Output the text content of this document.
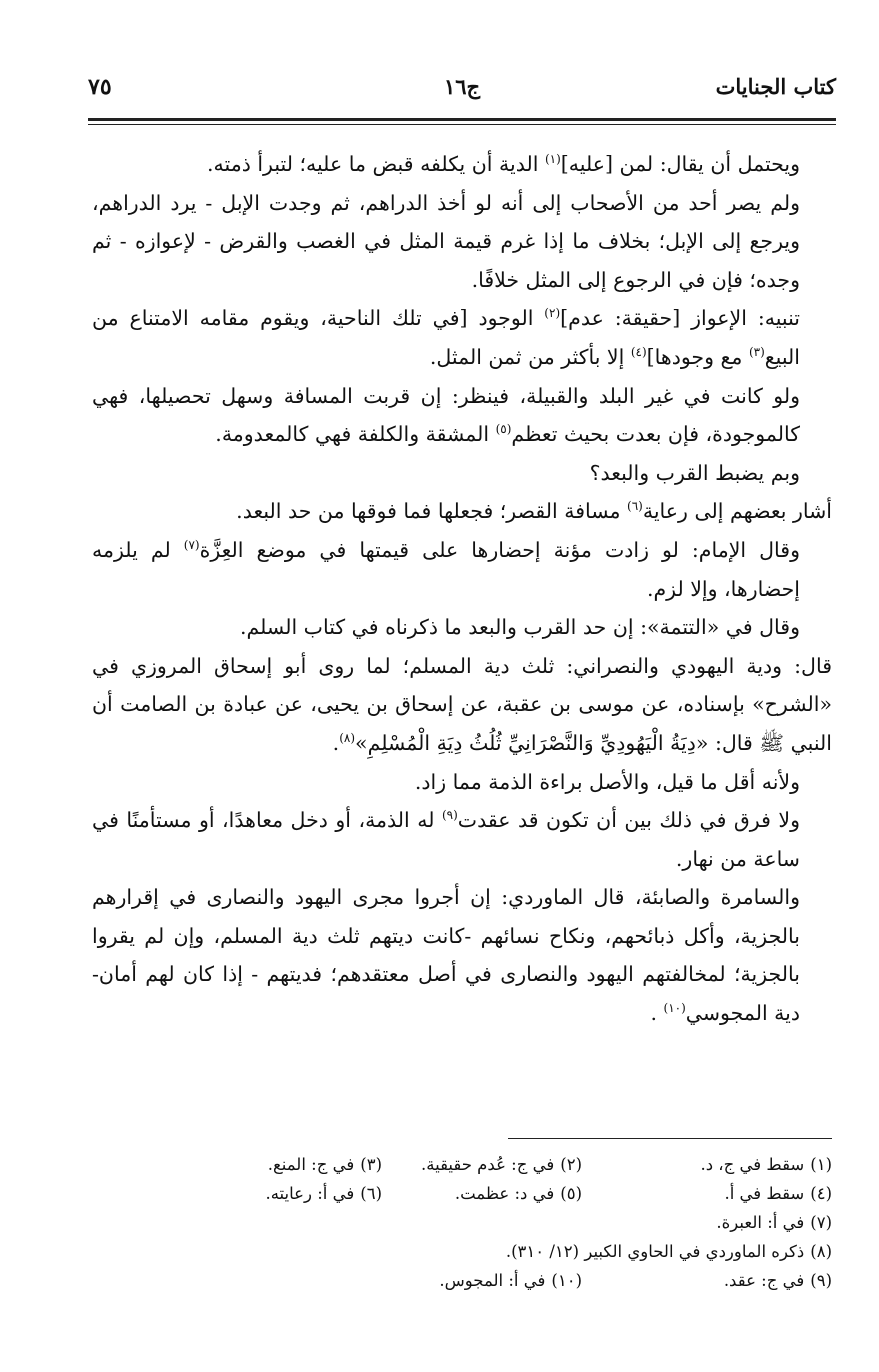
٧٥	ج١٦	كتاب الجنايات

ويحتمل أن يقال: لمن [عليه]$^{(١)}$ الدية أن يكلفه قبض ما عليه؛ لتبرأ ذمته.

ولم يصر أحد من الأصحاب إلى أنه لو أخذ الدراهم، ثم وجدت الإبل - يرد الدراهم، ويرجع إلى الإبل؛ بخلاف ما إذا غرم قيمة المثل في الغصب والقرض - لإعوازه - ثم وجده؛ فإن في الرجوع إلى المثل خلافًا.

تنبيه: الإعواز [حقيقة: عدم]$^{(٢)}$ الوجود [في تلك الناحية، ويقوم مقامه الامتناع من البيع$^{(٣)}$ مع وجودها]$^{(٤)}$ إلا بأكثر من ثمن المثل.

ولو كانت في غير البلد والقبيلة، فينظر: إن قربت المسافة وسهل تحصيلها، فهي كالموجودة، فإن بعدت بحيث تعظم$^{(٥)}$ المشقة والكلفة فهي كالمعدومة.

وبم يضبط القرب والبعد؟

أشار بعضهم إلى رعاية$^{(٦)}$ مسافة القصر؛ فجعلها فما فوقها من حد البعد.

وقال الإمام: لو زادت مؤنة إحضارها على قيمتها في موضع العِزَّة$^{(٧)}$ لم يلزمه إحضارها، وإلا لزم.

وقال في «التتمة»: إن حد القرب والبعد ما ذكرناه في كتاب السلم.

قال: ودية اليهودي والنصراني: ثلث دية المسلم؛ لما روى أبو إسحاق المروزي في «الشرح» بإسناده، عن موسى بن عقبة، عن إسحاق بن يحيى، عن عبادة بن الصامت أن النبي ﷺ قال: «دِيَةُ الْيَهُودِيِّ وَالنَّصْرَانِيِّ ثُلُثُ دِيَةِ الْمُسْلِمِ»$^{(٨)}$.

ولأنه أقل ما قيل، والأصل براءة الذمة مما زاد.

ولا فرق في ذلك بين أن تكون قد عقدت$^{(٩)}$ له الذمة، أو دخل معاهدًا، أو مستأمنًا في ساعة من نهار.

والسامرة والصابئة، قال الماوردي: إن أجروا مجرى اليهود والنصارى في إقرارهم بالجزية، وأكل ذبائحهم، ونكاح نسائهم -كانت ديتهم ثلث دية المسلم، وإن لم يقروا بالجزية؛ لمخالفتهم اليهود والنصارى في أصل معتقدهم؛ فديتهم - إذا كان لهم أمان- دية المجوسي$^{(١٠)}$ .

(١)سقط في ج، د.
(٢)في ج: عُدم حقيقية.
(٣)في ج: المنع.
(٤)سقط في أ.
(٥)في د: عظمت.
(٦)في أ: رعايته.
(٧)في أ: العبرة.
(٨)ذكره الماوردي في الحاوي الكبير (١٢/ ٣١٠).
(٩)في ج: عقد.
(١٠)في أ: المجوس.
